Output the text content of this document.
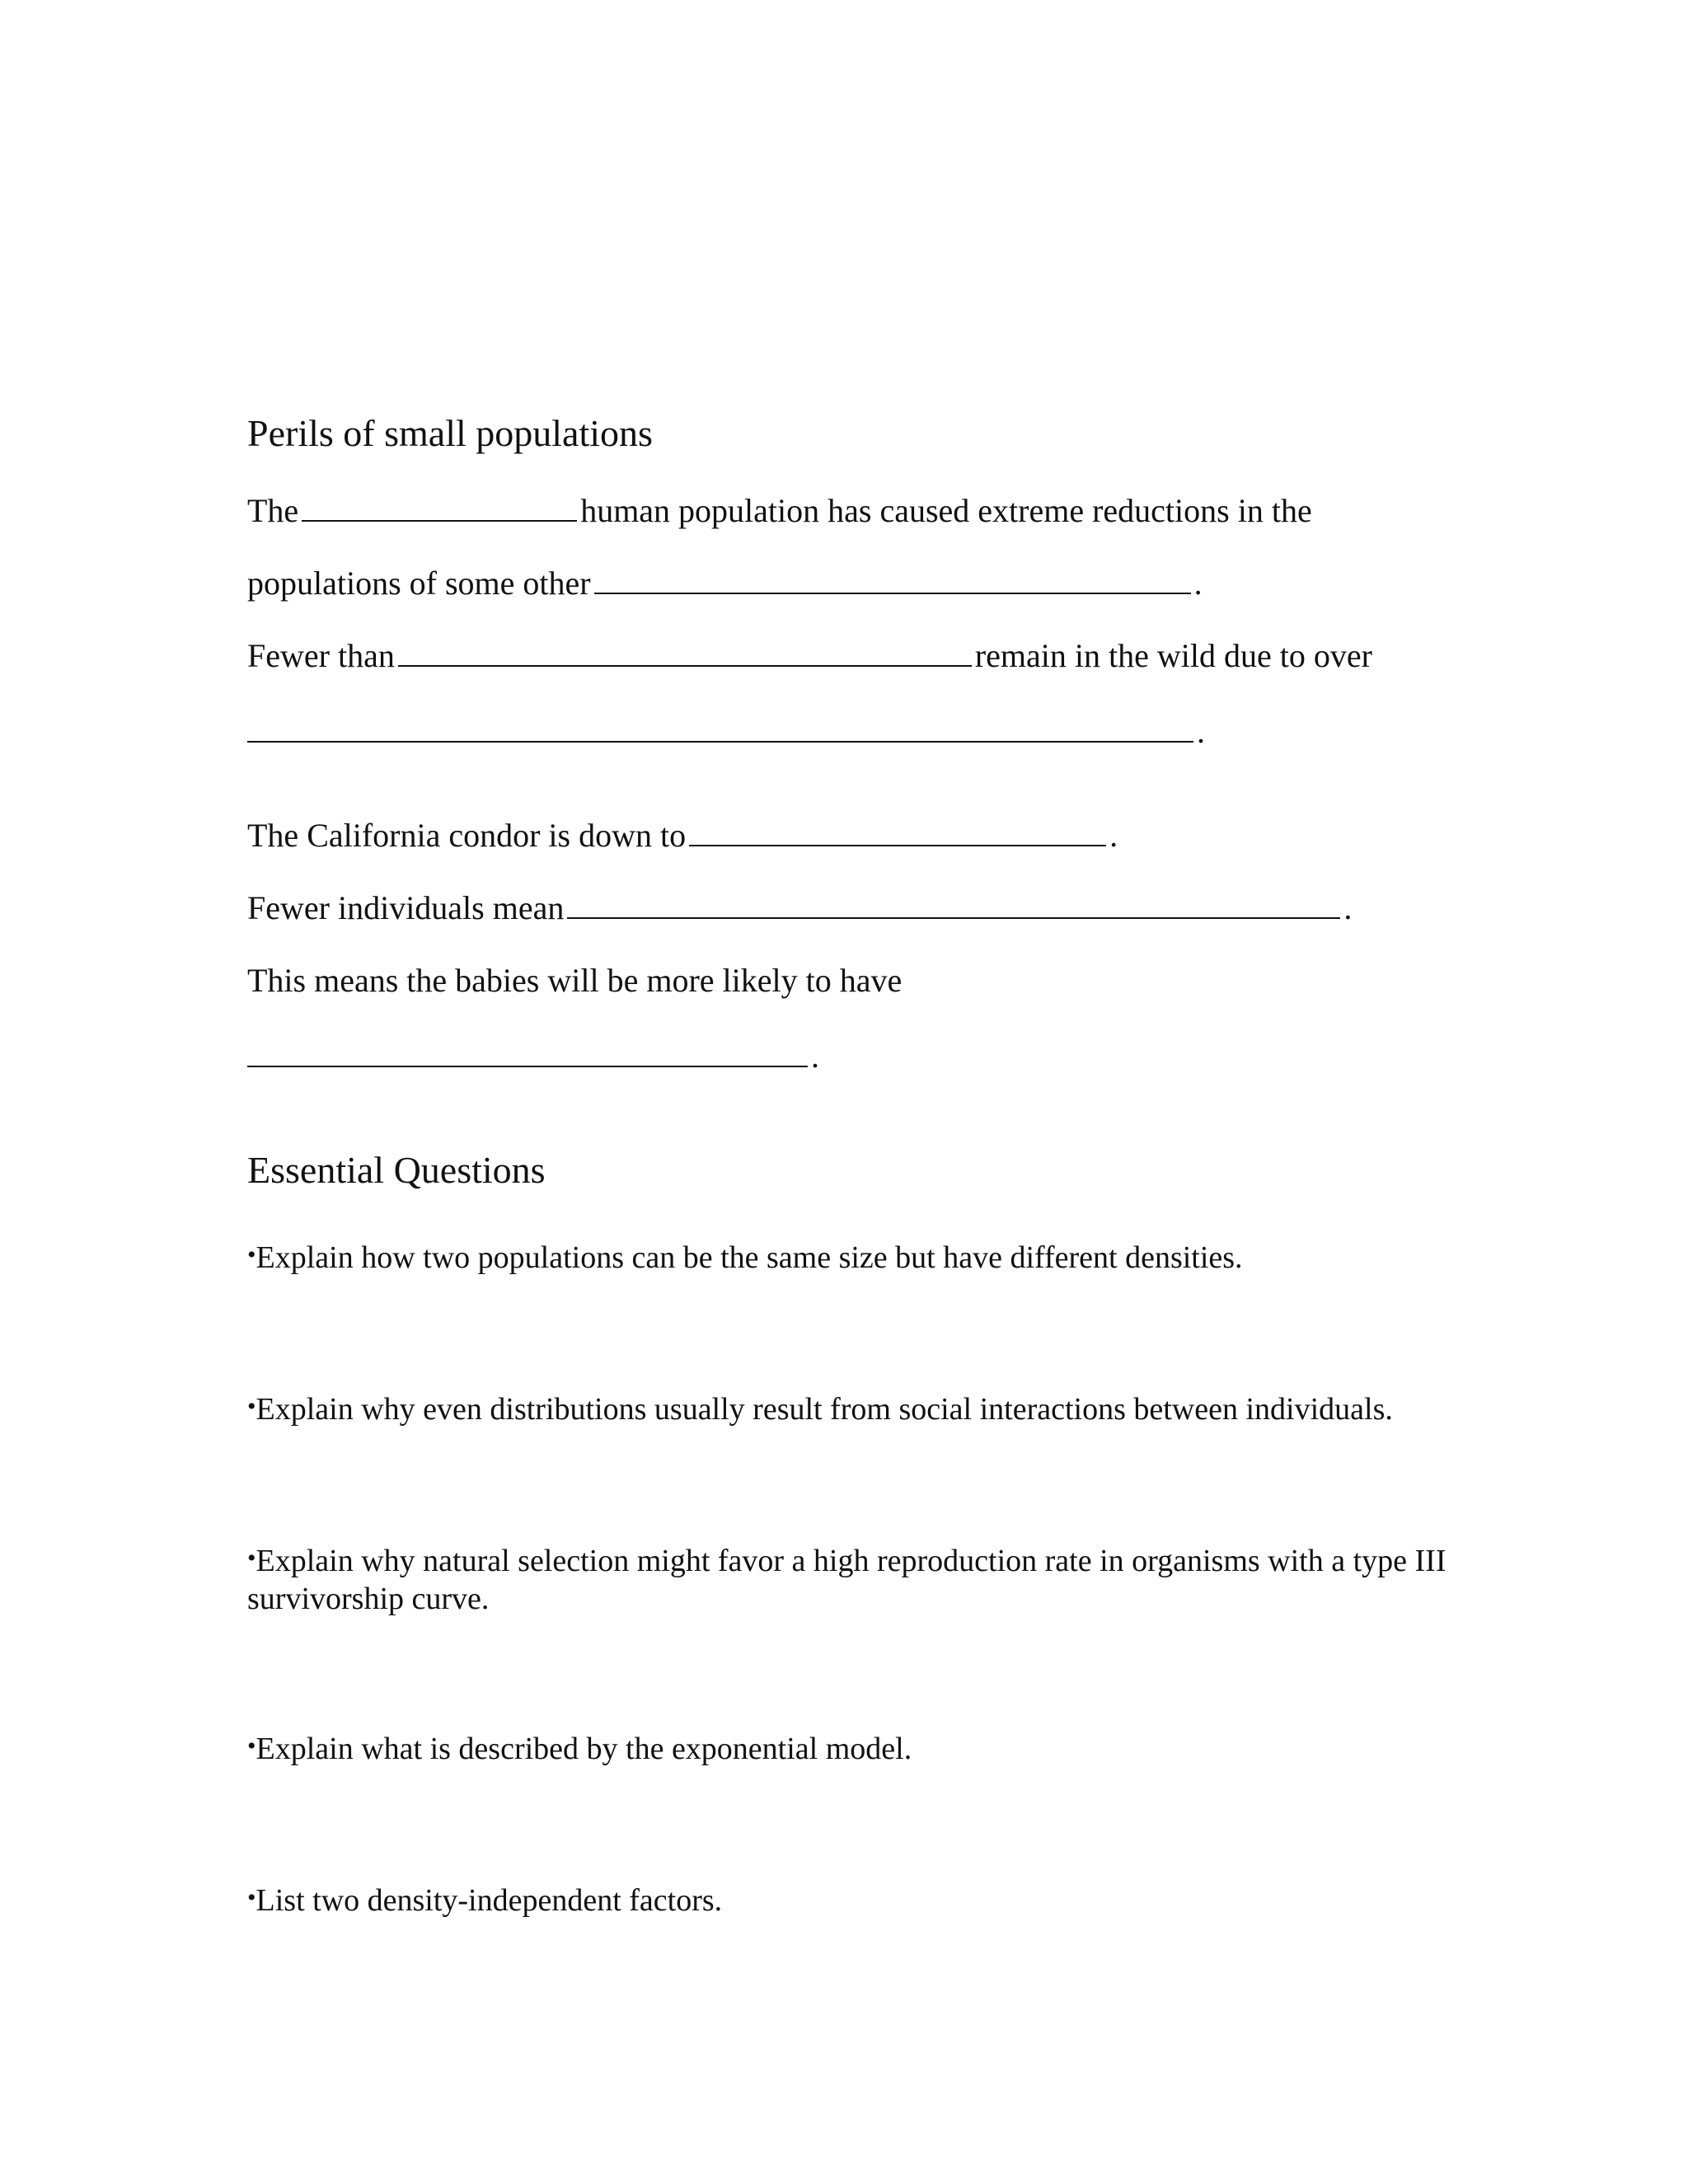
Perils of small populations
The	human population has caused extreme reductions in the
populations of some other	.
Fewer than	remain in the wild due to over
.
The California condor is down to	.
Fewer individuals mean	.
This means the babies will be more likely to have
.
Essential Questions
•Explain how two populations can be the same size but have different densities.
•Explain why even distributions usually result from social interactions between individuals.
•Explain why natural selection might favor a high reproduction rate in organisms with a type III survivorship curve.
•Explain what is described by the exponential model.
•List two density-independent factors.
